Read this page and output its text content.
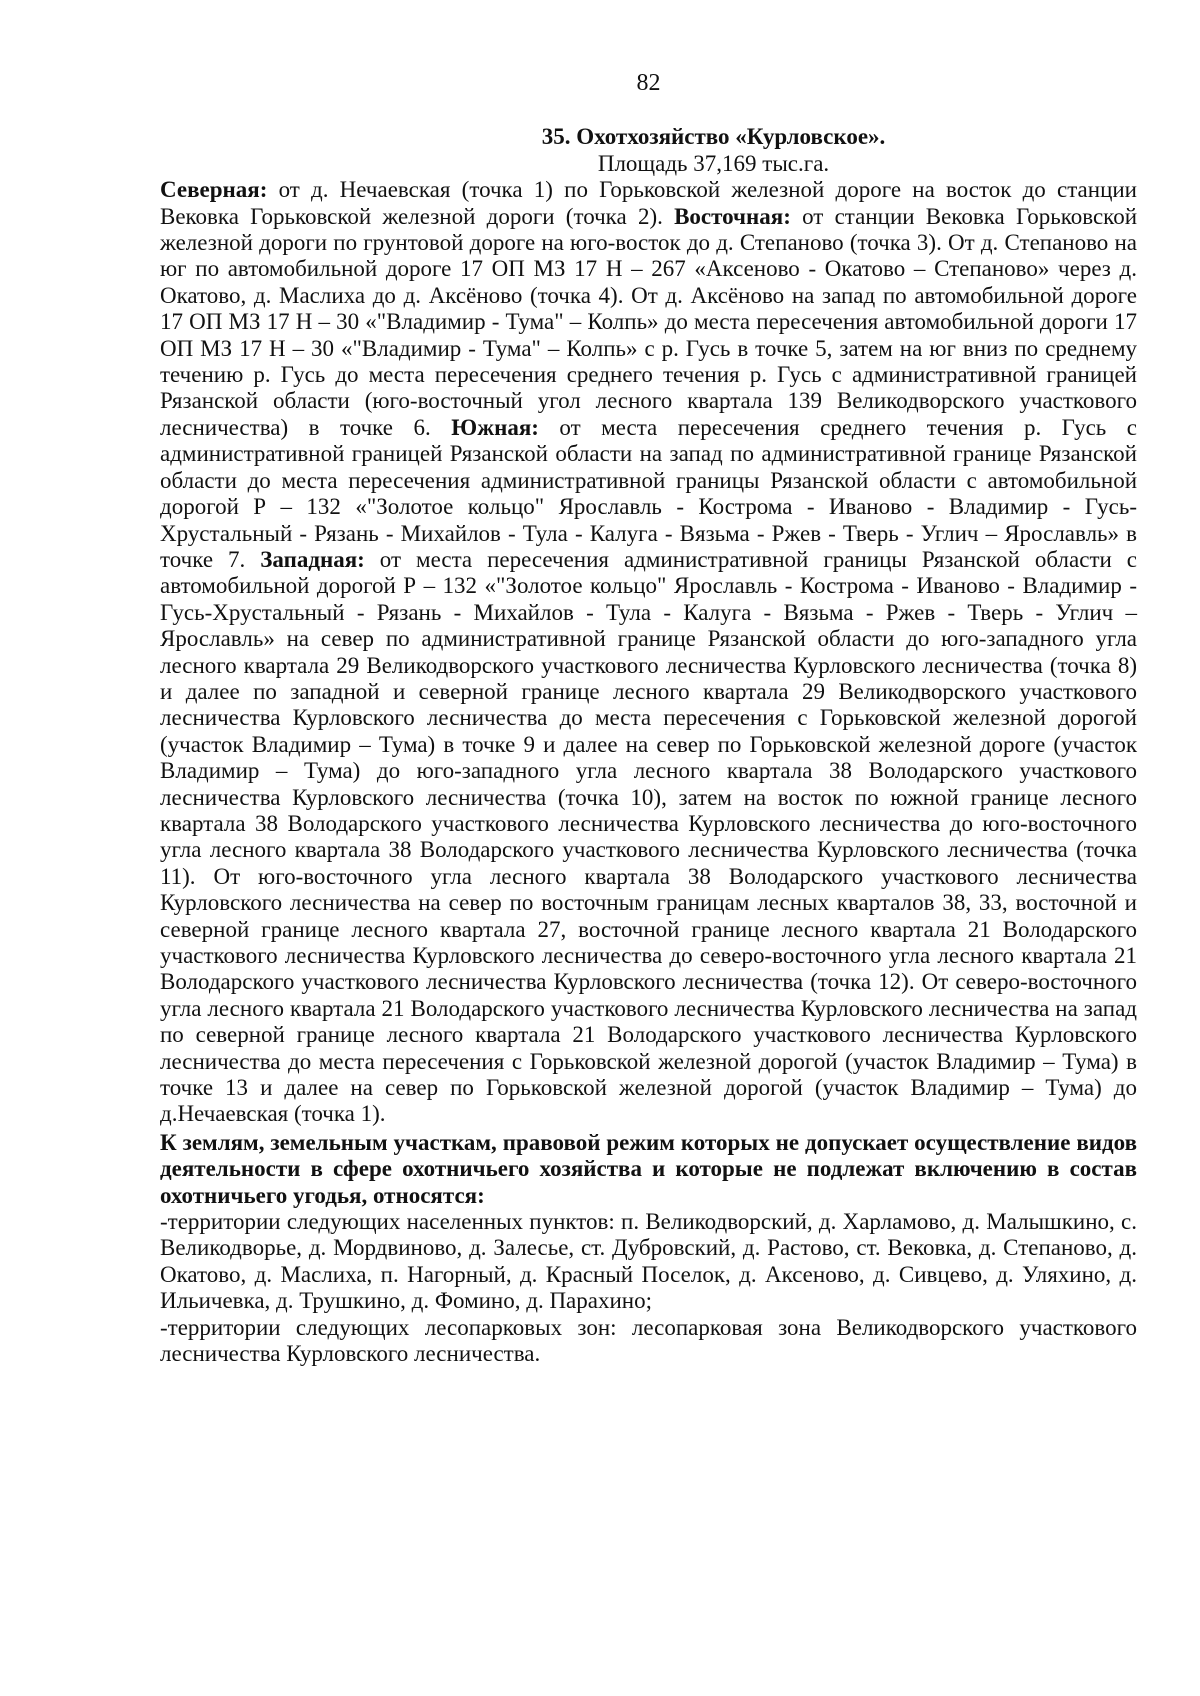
82
35. Охотхозяйство «Курловское».
Площадь 37,169 тыс.га.
Северная: от д. Нечаевская (точка 1) по Горьковской железной дороге на восток до станции Вековка Горьковской железной дороги (точка 2). Восточная: от станции Вековка Горьковской железной дороги по грунтовой дороге на юго-восток до д. Степаново (точка 3). От д. Степаново на юг по автомобильной дороге 17 ОП МЗ 17 Н – 267 «Аксеново - Окатово – Степаново» через д. Окатово, д. Маслиха до д. Аксёново (точка 4). От д. Аксёново на запад по автомобильной дороге 17 ОП МЗ 17 Н – 30 «"Владимир - Тума" – Колпь» до места пересечения автомобильной дороги 17 ОП МЗ 17 Н – 30 «"Владимир - Тума" – Колпь» с р. Гусь в точке 5, затем на юг вниз по среднему течению р. Гусь до места пересечения среднего течения р. Гусь с административной границей Рязанской области (юго-восточный угол лесного квартала 139 Великодворского участкового лесничества) в точке 6. Южная: от места пересечения среднего течения р. Гусь с административной границей Рязанской области на запад по административной границе Рязанской области до места пересечения административной границы Рязанской области с автомобильной дорогой Р – 132 «"Золотое кольцо" Ярославль - Кострома - Иваново - Владимир - Гусь-Хрустальный - Рязань - Михайлов - Тула - Калуга - Вязьма - Ржев - Тверь - Углич – Ярославль» в точке 7. Западная: от места пересечения административной границы Рязанской области с автомобильной дорогой Р – 132 «"Золотое кольцо" Ярославль - Кострома - Иваново - Владимир - Гусь-Хрустальный - Рязань - Михайлов - Тула - Калуга - Вязьма - Ржев - Тверь - Углич – Ярославль» на север по административной границе Рязанской области до юго-западного угла лесного квартала 29 Великодворского участкового лесничества Курловского лесничества (точка 8) и далее по западной и северной границе лесного квартала 29 Великодворского участкового лесничества Курловского лесничества до места пересечения с Горьковской железной дорогой (участок Владимир – Тума) в точке 9 и далее на север по Горьковской железной дороге (участок Владимир – Тума) до юго-западного угла лесного квартала 38 Володарского участкового лесничества Курловского лесничества (точка 10), затем на восток по южной границе лесного квартала 38 Володарского участкового лесничества Курловского лесничества до юго-восточного угла лесного квартала 38 Володарского участкового лесничества Курловского лесничества (точка 11). От юго-восточного угла лесного квартала 38 Володарского участкового лесничества Курловского лесничества на север по восточным границам лесных кварталов 38, 33, восточной и северной границе лесного квартала 27, восточной границе лесного квартала 21 Володарского участкового лесничества Курловского лесничества до северо-восточного угла лесного квартала 21 Володарского участкового лесничества Курловского лесничества (точка 12). От северо-восточного угла лесного квартала 21 Володарского участкового лесничества Курловского лесничества на запад по северной границе лесного квартала 21 Володарского участкового лесничества Курловского лесничества до места пересечения с Горьковской железной дорогой (участок Владимир – Тума) в точке 13 и далее на север по Горьковской железной дорогой (участок Владимир – Тума) до д.Нечаевская (точка 1).
К землям, земельным участкам, правовой режим которых не допускает осуществление видов деятельности в сфере охотничьего хозяйства и которые не подлежат включению в состав охотничьего угодья, относятся:
-территории следующих населенных пунктов: п. Великодворский, д. Харламово, д. Малышкино, с. Великодворье, д. Мордвиново, д. Залесье, ст. Дубровский, д. Растово, ст. Вековка, д. Степаново, д. Окатово, д. Маслиха, п. Нагорный, д. Красный Поселок, д. Аксеново, д. Сивцево, д. Уляхино, д. Ильичевка, д. Трушкино, д. Фомино, д. Парахино;
-территории следующих лесопарковых зон: лесопарковая зона Великодворского участкового лесничества Курловского лесничества.
